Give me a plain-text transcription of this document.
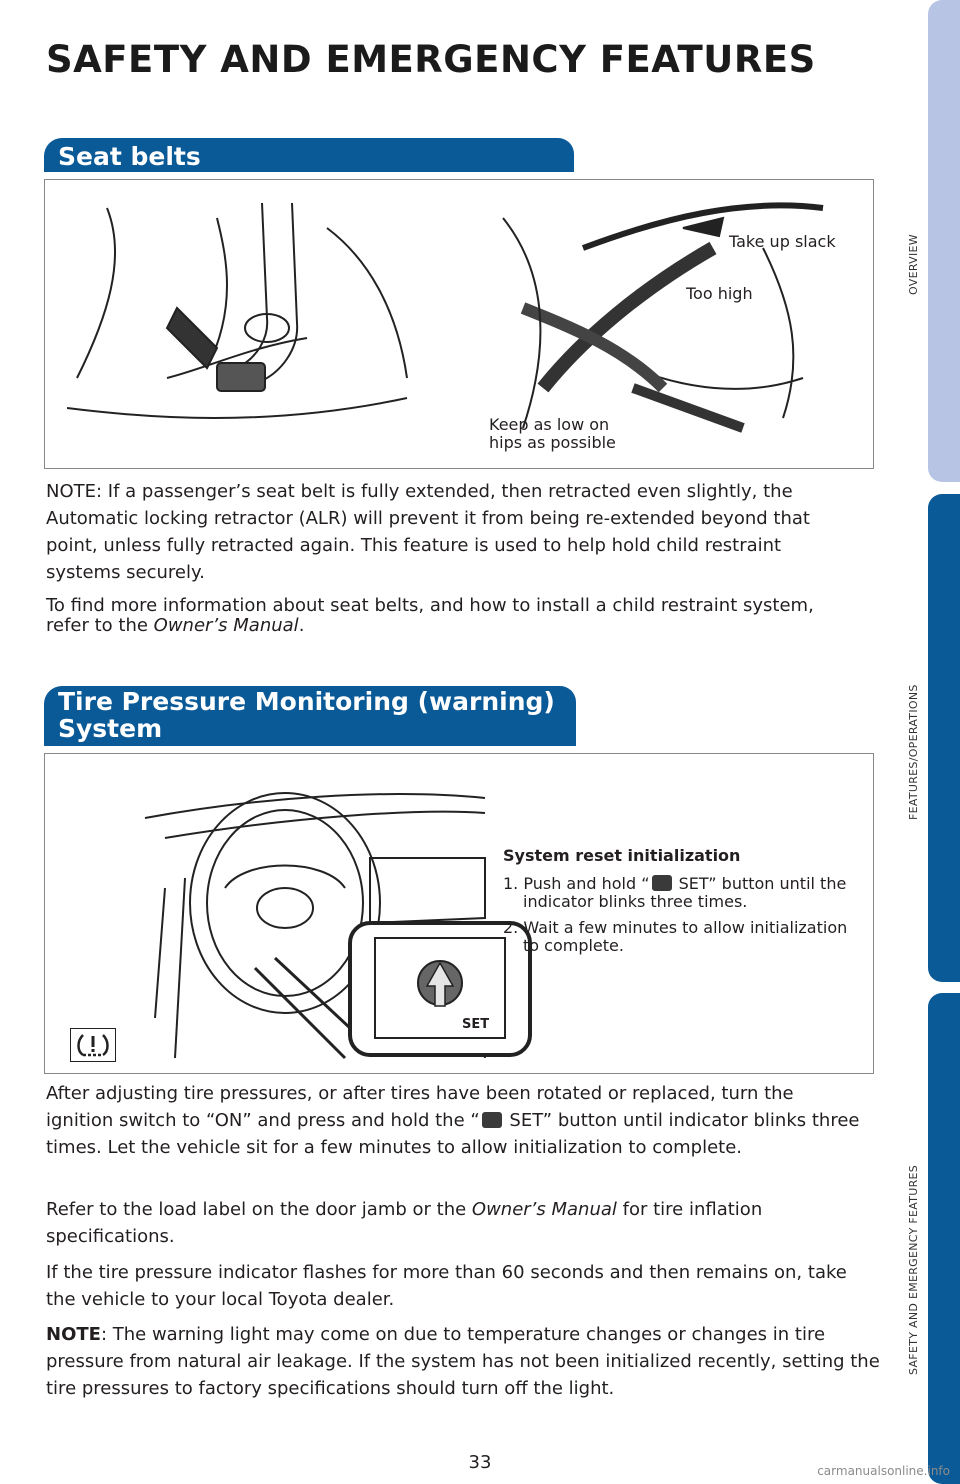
SAFETY AND EMERGENCY FEATURES
Seat belts
Take up slack
Too high
Keep as low on
hips as possible

NOTE: If a passenger’s seat belt is fully extended, then retracted even slightly, the Automatic locking retractor (ALR) will prevent it from being re-extended beyond that point, unless fully retracted again. This feature is used to help hold child restraint systems securely.

To find more information about seat belts, and how to install a child restraint system, refer to the Owner’s Manual.

Tire Pressure Monitoring (warning)
System
SET
System reset initialization
1. Push and hold “ SET” button until the indicator blinks three times.
2. Wait a few minutes to allow initialization to complete.

After adjusting tire pressures, or after tires have been rotated or replaced, turn the ignition switch to “ON” and press and hold the “ SET” button until indicator blinks three times. Let the vehicle sit for a few minutes to allow initialization to complete.

Refer to the load label on the door jamb or the Owner’s Manual for tire inflation specifications.

If the tire pressure indicator flashes for more than 60 seconds and then remains on, take the vehicle to your local Toyota dealer.

NOTE: The warning light may come on due to temperature changes or changes in tire pressure from natural air leakage. If the system has not been initialized recently, setting the tire pressures to factory specifications should turn off the light.

OVERVIEW
FEATURES/OPERATIONS
SAFETY AND EMERGENCY FEATURES
33	carmanualsonline.info
